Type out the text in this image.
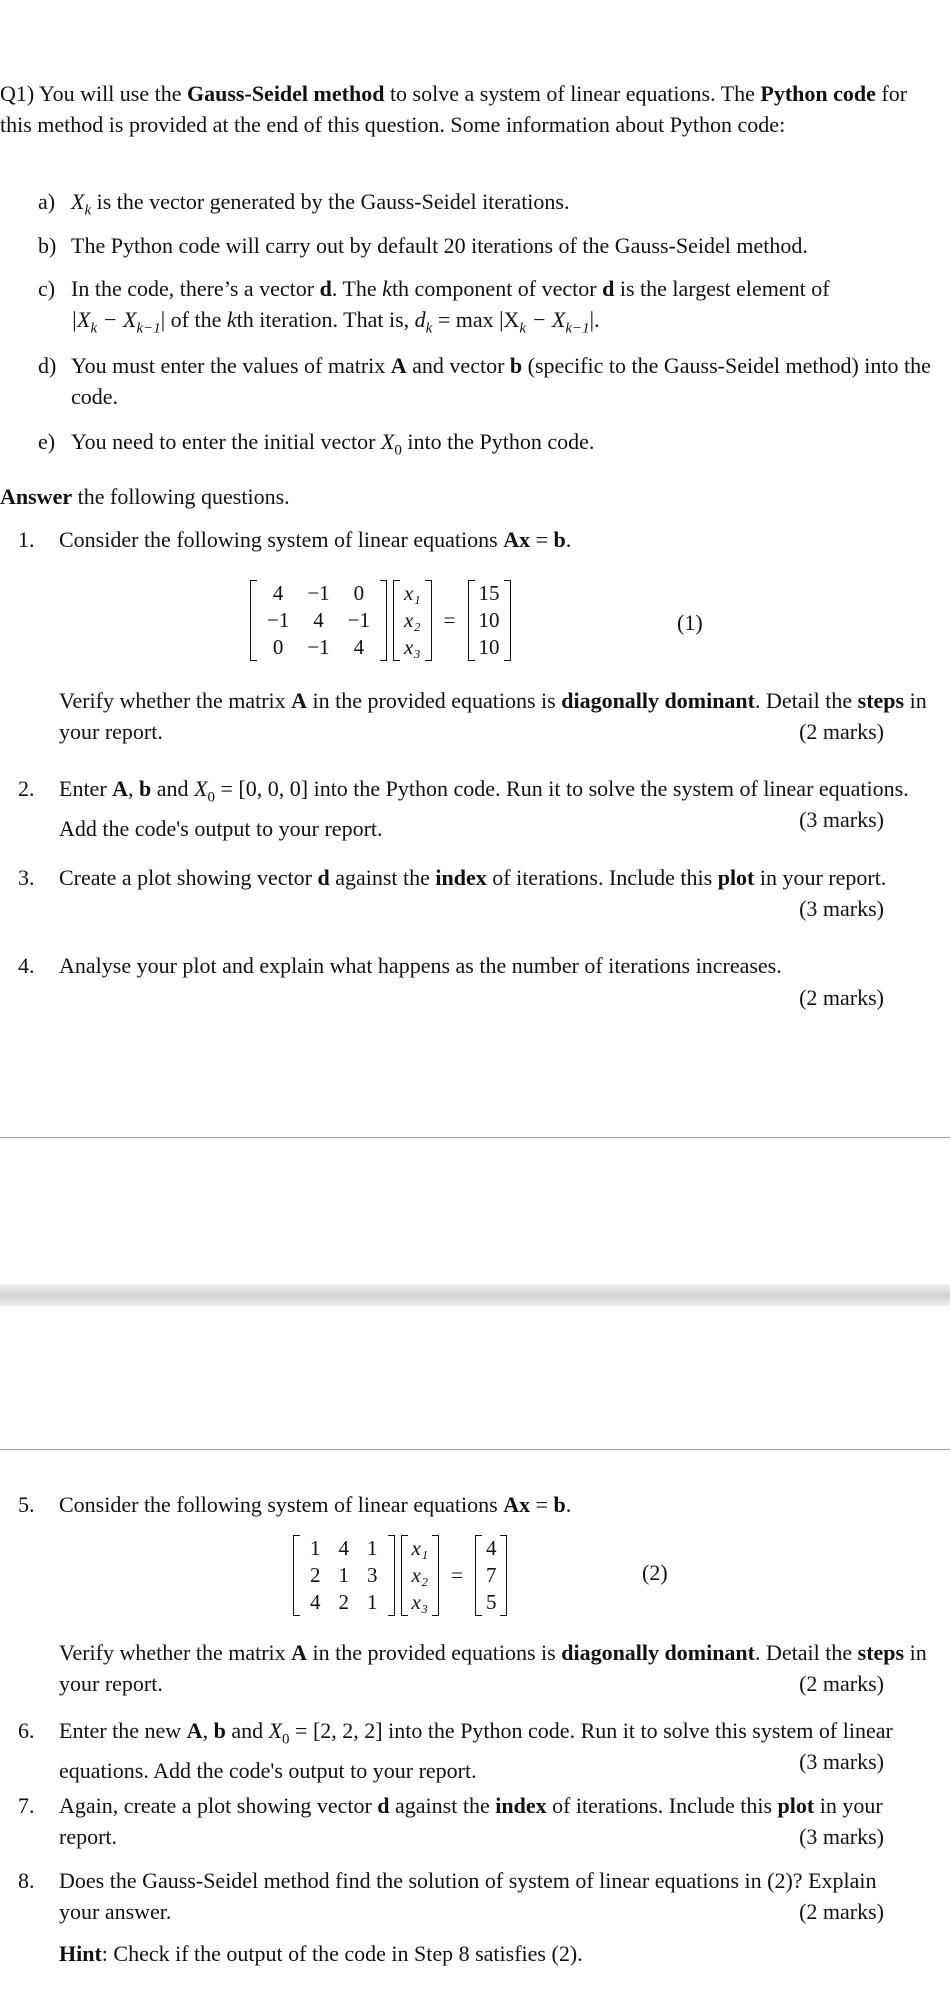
Q1) You will use the Gauss-Seidel method to solve a system of linear equations. The Python code for this method is provided at the end of this question. Some information about Python code:
a) $X_k$ is the vector generated by the Gauss-Seidel iterations.
b) The Python code will carry out by default 20 iterations of the Gauss-Seidel method.
c) In the code, there’s a vector d. The kth component of vector d is the largest element of
$|X_k - X_{k-1}|$ of the kth iteration. That is, $d_k = \max |X_k - X_{k-1}|$.
d) You must enter the values of matrix A and vector b (specific to the Gauss-Seidel method) into the code.
e) You need to enter the initial vector $X_0$ into the Python code.
Answer the following questions.
1. Consider the following system of linear equations Ax = b.
4	−1	0
−1	4	−1
0	−1	4
x₁
x₂
x₃
=
15
10
10
(1)
Verify whether the matrix A in the provided equations is diagonally dominant. Detail the steps in your report.	(2 marks)
2. Enter A, b and $X_0 = [0$, 0, 0] into the Python code. Run it to solve the system of linear equations. Add the code's output to your report.	(3 marks)
3. Create a plot showing vector d against the index of iterations. Include this plot in your report.
(3 marks)
4. Analyse your plot and explain what happens as the number of iterations increases.
(2 marks)
5. Consider the following system of linear equations Ax = b.
1	4	1
2	1	3
4	2	1
x₁
x₂
x₃
=
4
7
5
(2)
Verify whether the matrix A in the provided equations is diagonally dominant. Detail the steps in your report.	(2 marks)
6. Enter the new A, b and $X_0 = [2$, 2, 2] into the Python code. Run it to solve this system of linear equations. Add the code's output to your report.	(3 marks)
7. Again, create a plot showing vector d against the index of iterations. Include this plot in your report.	(3 marks)
8. Does the Gauss-Seidel method find the solution of system of linear equations in (2)? Explain your answer.	(2 marks)
Hint: Check if the output of the code in Step 8 satisfies (2).
